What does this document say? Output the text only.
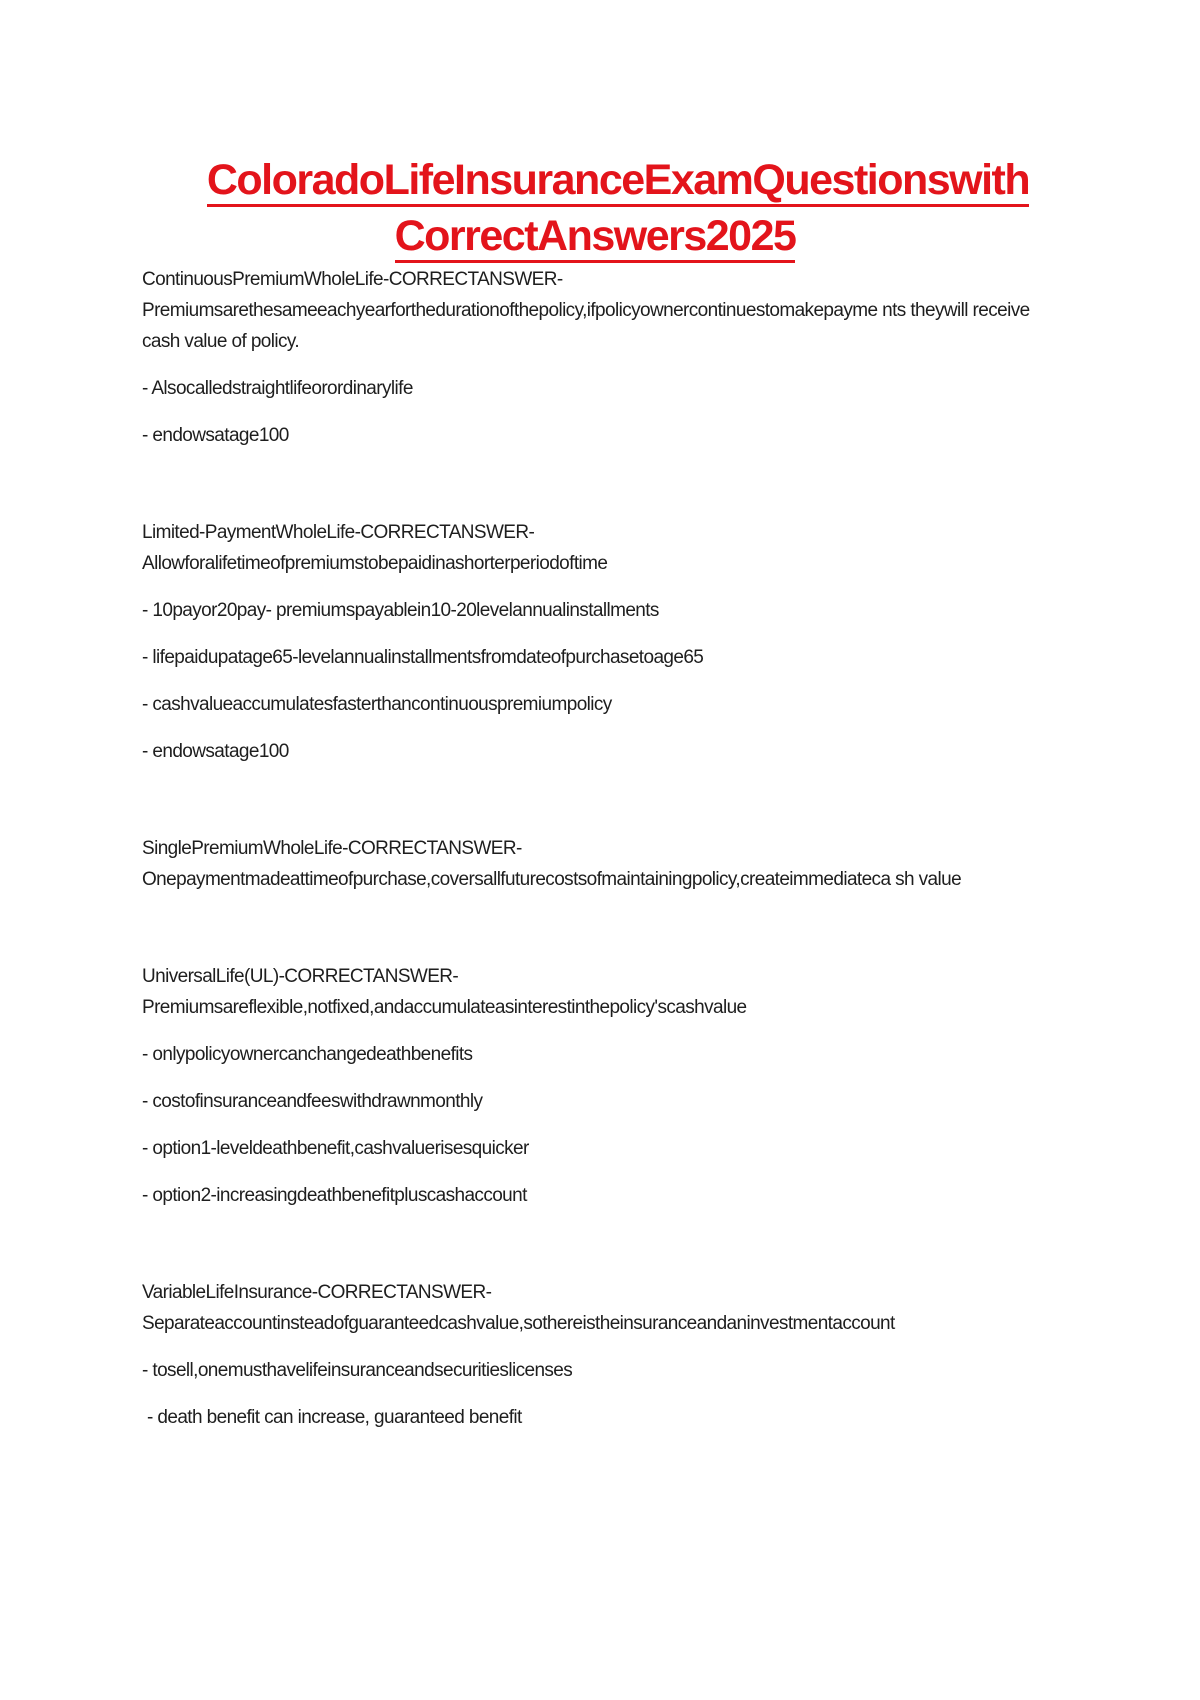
ColoradoLifeInsuranceExamQuestionswith
CorrectAnswers2025

ContinuousPremiumWholeLife-CORRECTANSWER-

Premiumsarethesameeachyearforthedurationofthepolicy,ifpolicyownercontinuestomakepayme nts theywill receive cash value of policy.

- Alsocalledstraightlifeorordinarylife

- endowsatage100

Limited-PaymentWholeLife-CORRECTANSWER-

Allowforalifetimeofpremiumstobepaidinashorterperiodoftime

- 10payor20pay- premiumspayablein10-20levelannualinstallments

- lifepaidupatage65-levelannualinstallmentsfromdateofpurchasetoage65

- cashvalueaccumulatesfasterthancontinuouspremiumpolicy

- endowsatage100

SinglePremiumWholeLife-CORRECTANSWER-

Onepaymentmadeattimeofpurchase,coversallfuturecostsofmaintainingpolicy,createimmediateca sh value

UniversalLife(UL)-CORRECTANSWER-

Premiumsareflexible,notfixed,andaccumulateasinterestinthepolicy'scashvalue

- onlypolicyownercanchangedeathbenefits

- costofinsuranceandfeeswithdrawnmonthly

- option1-leveldeathbenefit,cashvaluerisesquicker

- option2-increasingdeathbenefitpluscashaccount

VariableLifeInsurance-CORRECTANSWER-

Separateaccountinsteadofguaranteedcashvalue,sothereistheinsuranceandaninvestmentaccount

- tosell,onemusthavelifeinsuranceandsecuritieslicenses

- death benefit can increase, guaranteed benefit
